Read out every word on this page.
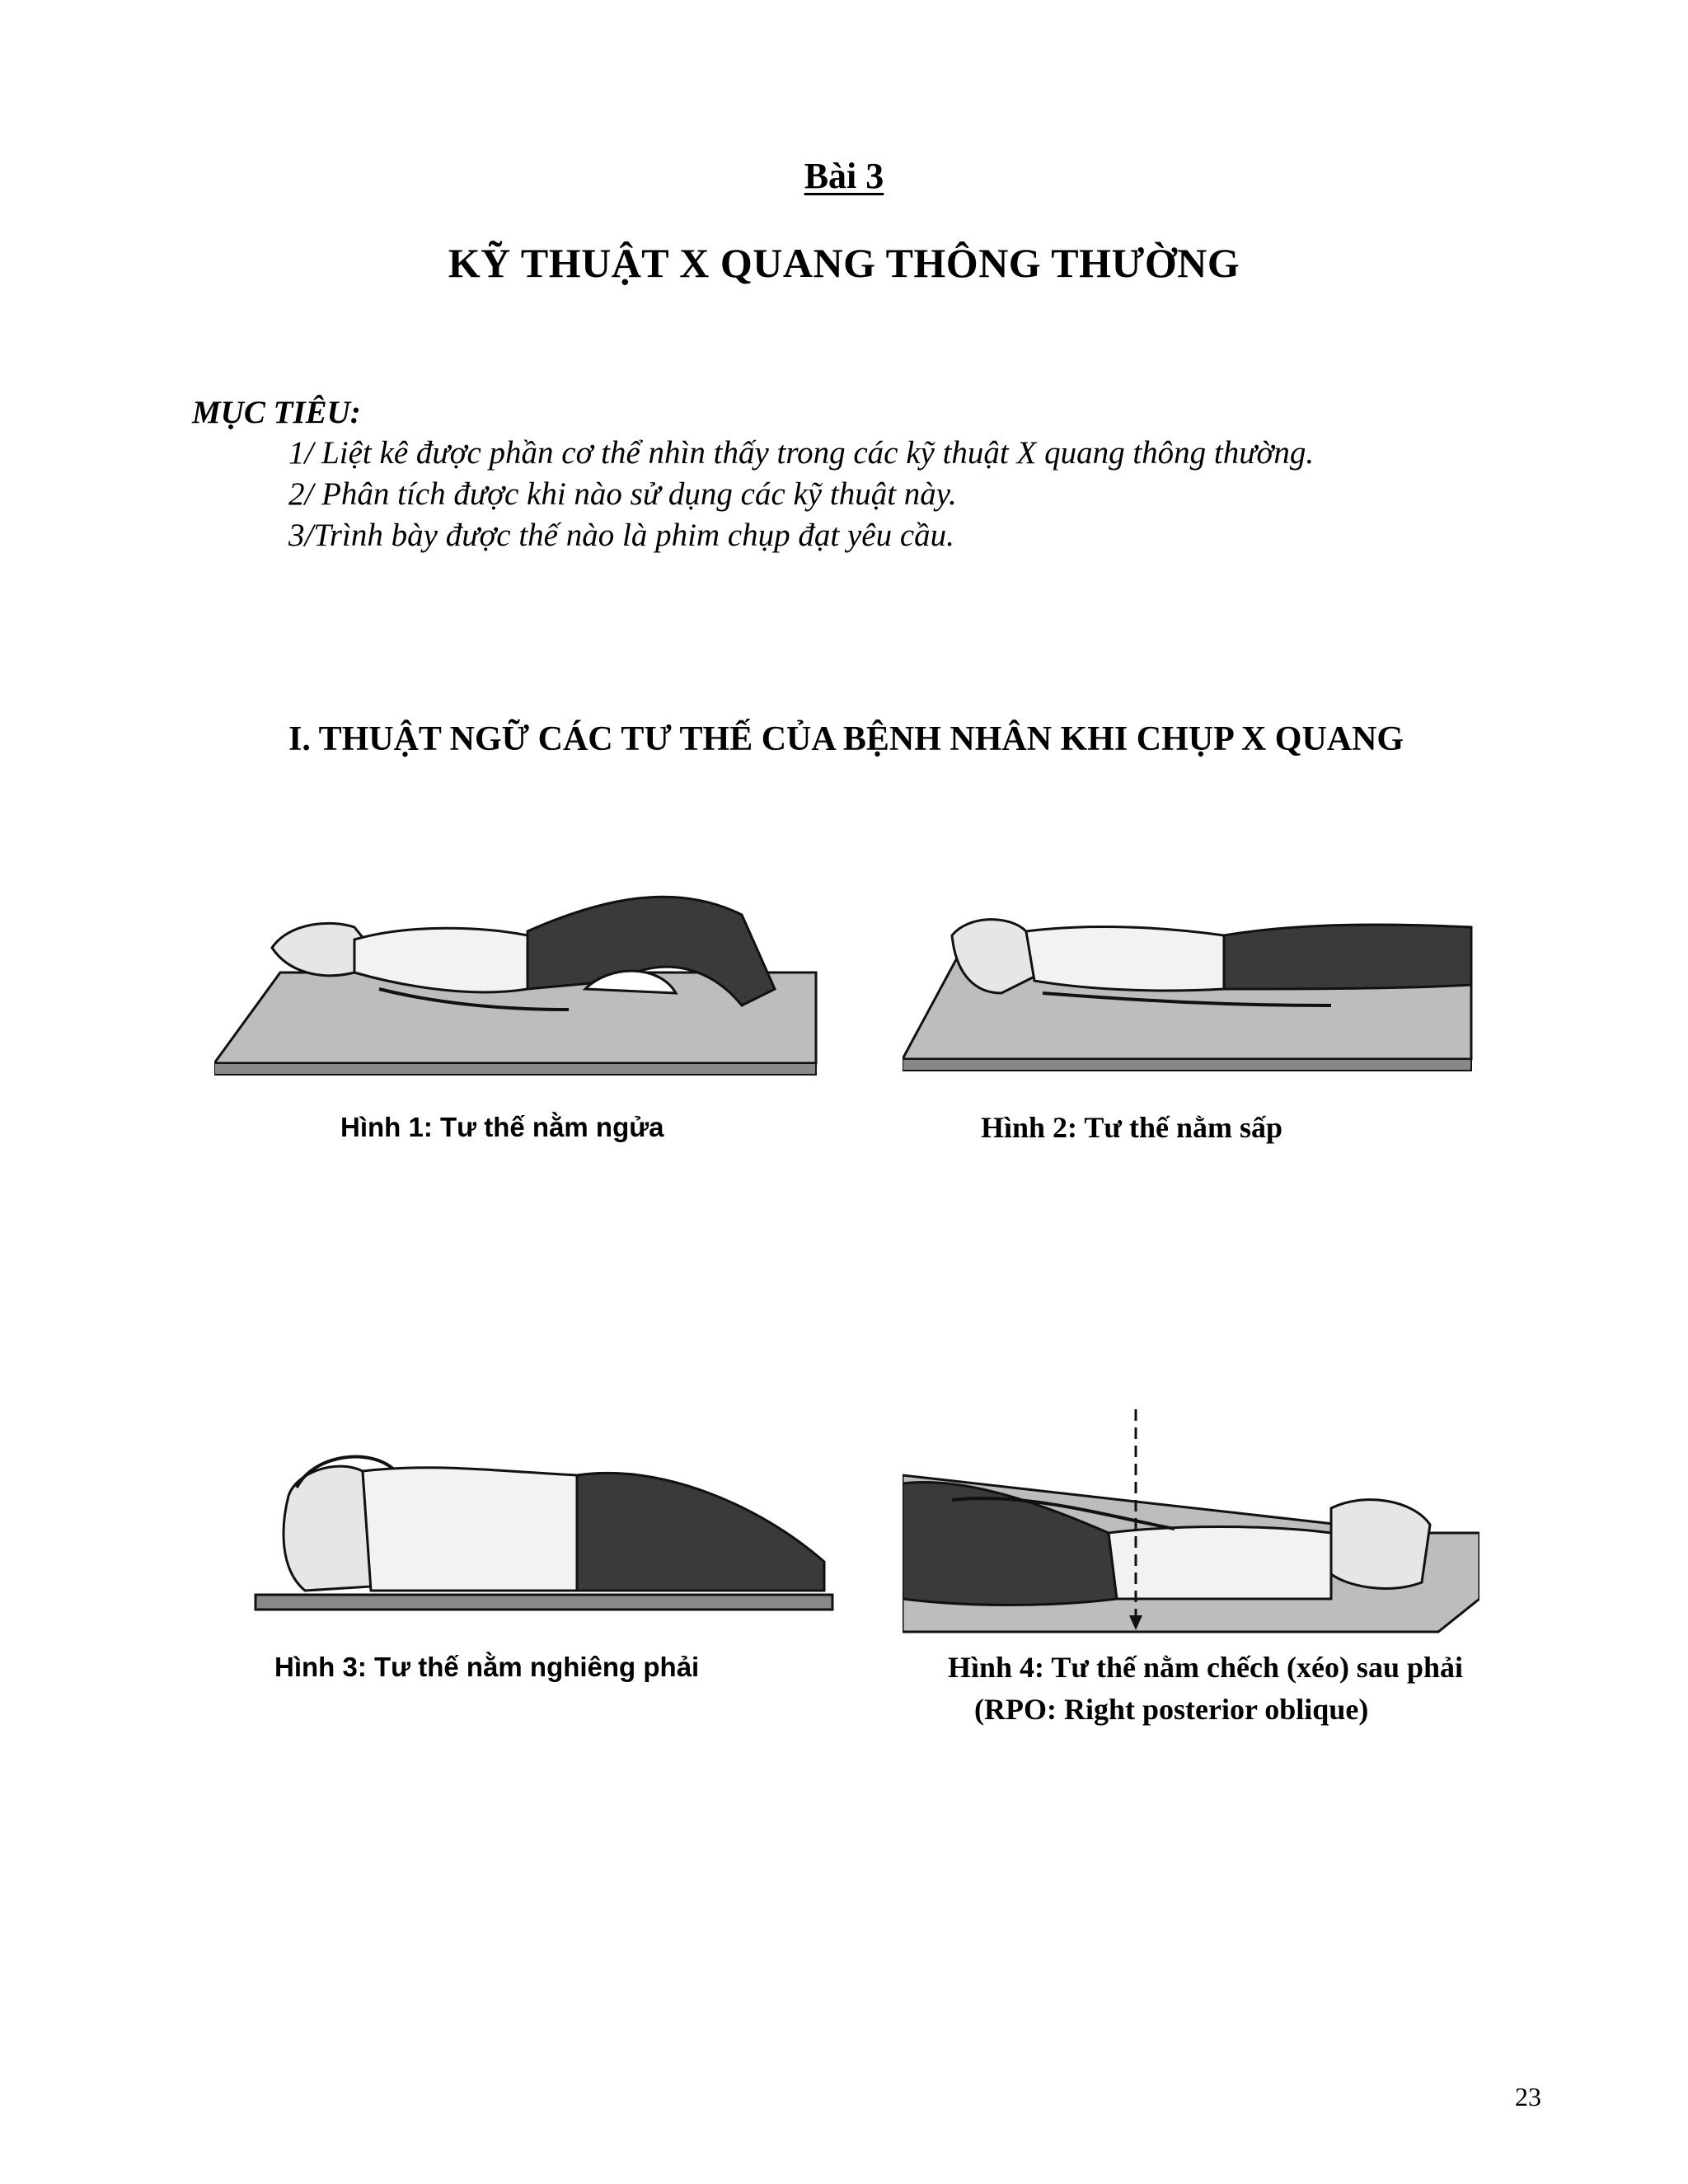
Bài 3
KỸ THUẬT X QUANG THÔNG THƯỜNG
MỤC TIÊU:
1/ Liệt kê được phần cơ thể nhìn thấy trong các kỹ thuật X quang thông thường.
2/ Phân tích được khi nào sử dụng các kỹ thuật này.
3/Trình bày được thế nào là phim chụp đạt yêu cầu.
I. THUẬT NGỮ CÁC TƯ THẾ CỦA BỆNH NHÂN KHI CHỤP X QUANG
Hình 1: Tư thế nằm ngửa	Hình 2: Tư thế nằm sấp
Hình 3: Tư thế nằm nghiêng phải	Hình 4: Tư thế nằm chếch (xéo) sau phải
(RPO: Right posterior oblique)
23
